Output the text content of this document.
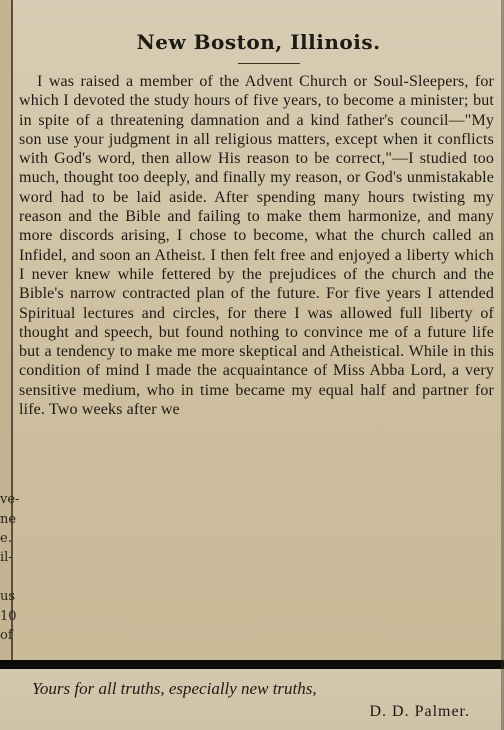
ve-
ne
e.
il-
us
10
of
New Boston, Illinois.
I was raised a member of the Advent Church or Soul-Sleepers, for which I devoted the study hours of five years, to become a minister; but in spite of a threatening damnation and a kind father's council—"My son use your judgment in all religious matters, except when it conflicts with God's word, then allow His reason to be correct,"—I studied too much, thought too deeply, and finally my reason, or God's unmistakable word had to be laid aside. After spending many hours twisting my reason and the Bible and failing to make them harmonize, and many more discords arising, I chose to become, what the church called an Infidel, and soon an Atheist. I then felt free and enjoyed a liberty which I never knew while fettered by the prejudices of the church and the Bible's narrow contracted plan of the future. For five years I attended Spiritual lectures and circles, for there I was allowed full liberty of thought and speech, but found nothing to convince me of a future life but a tendency to make me more skeptical and Atheistical. While in this condition of mind I made the acquaintance of Miss Abba Lord, a very sensitive medium, who in time became my equal half and partner for life. Two weeks after we
Yours for all truths, especially new truths,
D. D. Palmer.
